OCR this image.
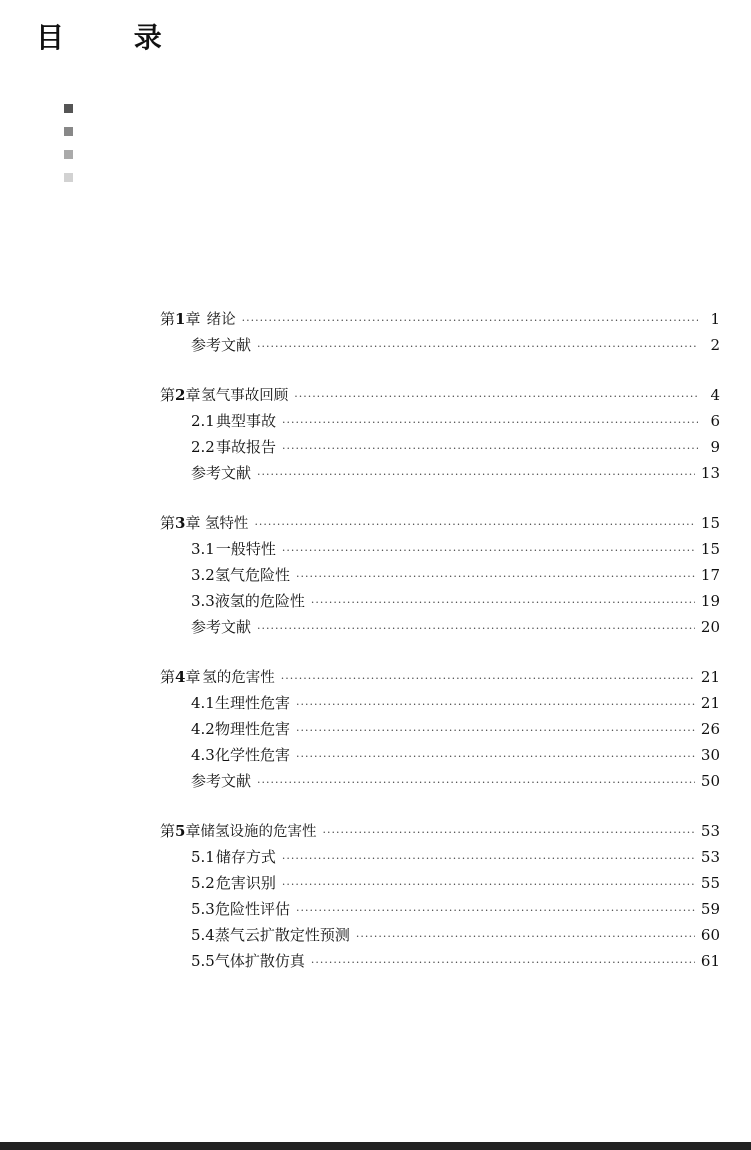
目 录
第1章 绪论 ·····	1
参考文献 ·····	2
第2章 氢气事故回顾 ·····	4
2.1 典型事故 ·····	6
2.2 事故报告 ·····	9
参考文献 ·····	13
第3章 氢特性 ·····	15
3.1 一般特性 ·····	15
3.2 氢气危险性 ·····	17
3.3 液氢的危险性 ·····	19
参考文献 ·····	20
第4章 氢的危害性 ·····	21
4.1 生理性危害 ·····	21
4.2 物理性危害 ·····	26
4.3 化学性危害 ·····	30
参考文献 ·····	50
第5章 储氢设施的危害性 ·····	53
5.1 储存方式 ·····	53
5.2 危害识别 ·····	55
5.3 危险性评估 ·····	59
5.4 蒸气云扩散定性预测 ·····	60
5.5 气体扩散仿真 ·····	61
